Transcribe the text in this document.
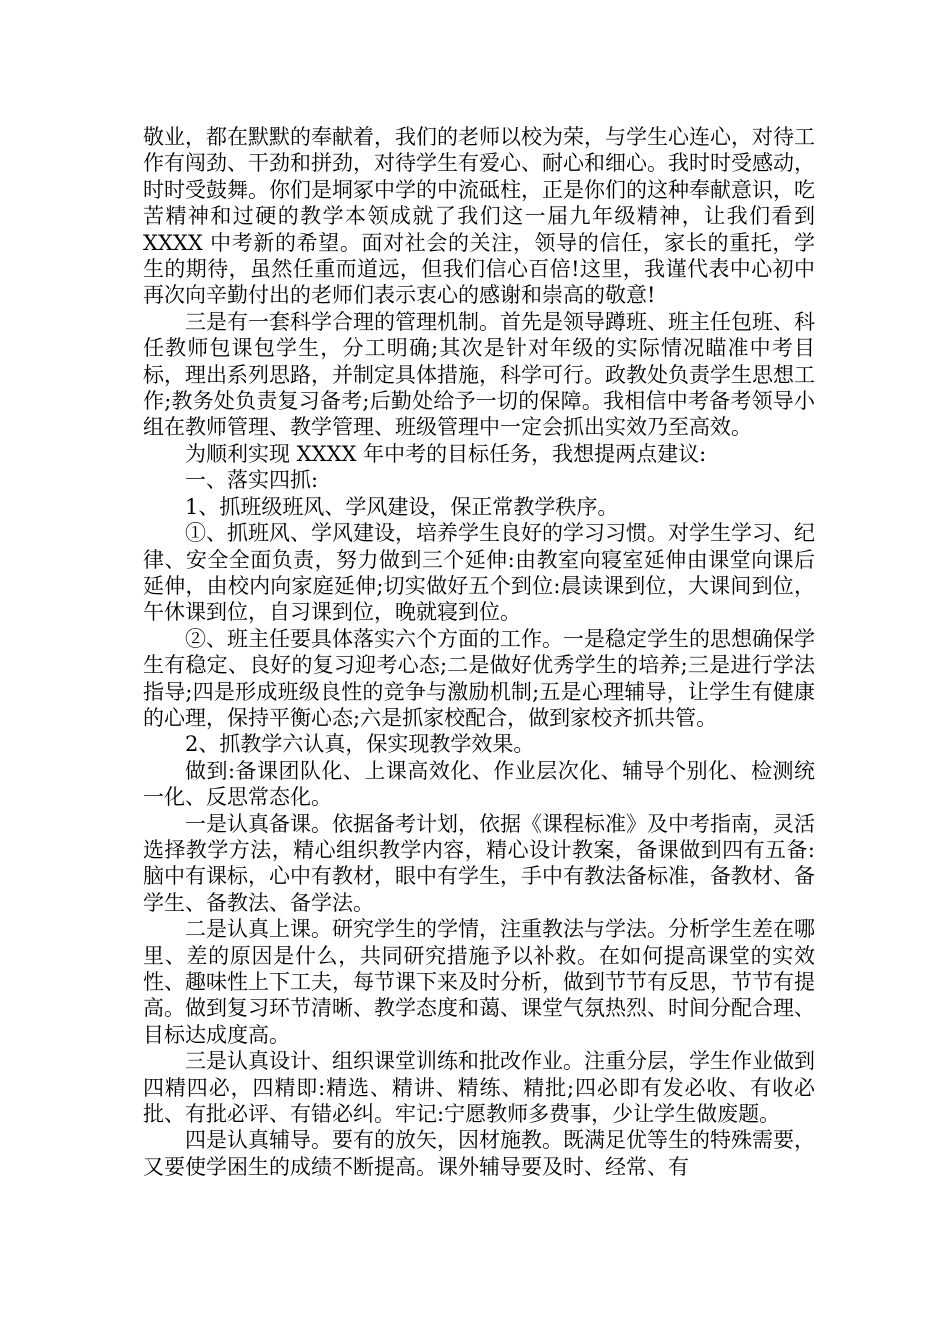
敬业，都在默默的奉献着，我们的老师以校为荣，与学生心连心，对待工作有闯劲、干劲和拼劲，对待学生有爱心、耐心和细心。我时时受感动，时时受鼓舞。你们是垌冢中学的中流砥柱，正是你们的这种奉献意识，吃苦精神和过硬的教学本领成就了我们这一届九年级精神，让我们看到 XXXX 中考新的希望。面对社会的关注，领导的信任，家长的重托，学生的期待，虽然任重而道远，但我们信心百倍!这里，我谨代表中心初中再次向辛勤付出的老师们表示衷心的感谢和崇高的敬意!

三是有一套科学合理的管理机制。首先是领导蹲班、班主任包班、科任教师包课包学生，分工明确;其次是针对年级的实际情况瞄准中考目标，理出系列思路，并制定具体措施，科学可行。政教处负责学生思想工作;教务处负责复习备考;后勤处给予一切的保障。我相信中考备考领导小组在教师管理、教学管理、班级管理中一定会抓出实效乃至高效。

为顺利实现 XXXX 年中考的目标任务，我想提两点建议:

一、落实四抓:

1、抓班级班风、学风建设，保正常教学秩序。

①、抓班风、学风建设，培养学生良好的学习习惯。对学生学习、纪律、安全全面负责，努力做到三个延伸:由教室向寝室延伸由课堂向课后延伸，由校内向家庭延伸;切实做好五个到位:晨读课到位，大课间到位，午休课到位，自习课到位，晚就寝到位。

②、班主任要具体落实六个方面的工作。一是稳定学生的思想确保学生有稳定、良好的复习迎考心态;二是做好优秀学生的培养;三是进行学法指导;四是形成班级良性的竞争与激励机制;五是心理辅导，让学生有健康的心理，保持平衡心态;六是抓家校配合，做到家校齐抓共管。

2、抓教学六认真，保实现教学效果。

做到:备课团队化、上课高效化、作业层次化、辅导个别化、检测统一化、反思常态化。

一是认真备课。依据备考计划，依据《课程标准》及中考指南，灵活选择教学方法，精心组织教学内容，精心设计教案，备课做到四有五备:脑中有课标，心中有教材，眼中有学生，手中有教法备标准，备教材、备学生、备教法、备学法。

二是认真上课。研究学生的学情，注重教法与学法。分析学生差在哪里、差的原因是什么，共同研究措施予以补救。在如何提高课堂的实效性、趣味性上下工夫，每节课下来及时分析，做到节节有反思，节节有提高。做到复习环节清晰、教学态度和蔼、课堂气氛热烈、时间分配合理、目标达成度高。

三是认真设计、组织课堂训练和批改作业。注重分层，学生作业做到四精四必，四精即:精选、精讲、精练、精批;四必即有发必收、有收必批、有批必评、有错必纠。牢记:宁愿教师多费事，少让学生做废题。

四是认真辅导。要有的放矢，因材施教。既满足优等生的特殊需要，又要使学困生的成绩不断提高。课外辅导要及时、经常、有
